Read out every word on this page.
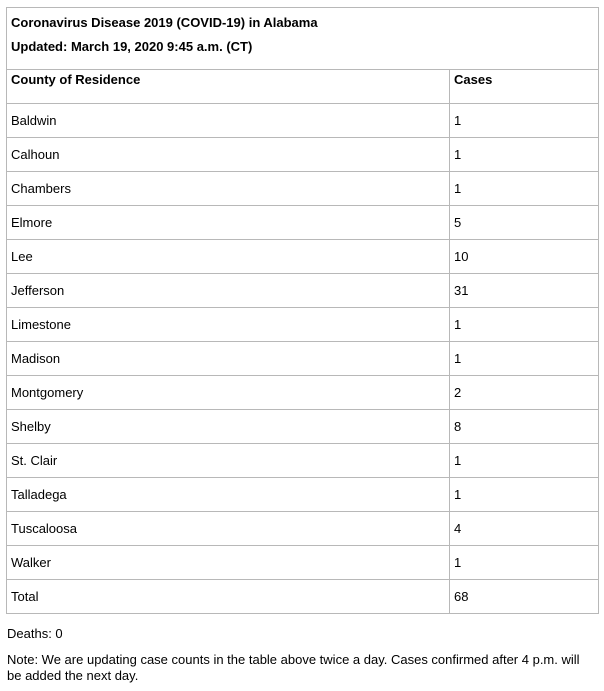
Coronavirus Disease 2019 (COVID-19) in Alabama
Updated: March 19, 2020 9:45 a.m. (CT)	

County of Residence	Cases
Baldwin	1
Calhoun	1
Chambers	1
Elmore	5
Lee	10
Jefferson	31
Limestone	1
Madison	1
Montgomery	2
Shelby	8
St. Clair	1
Talladega	1
Tuscaloosa	4
Walker	1
Total	68
Deaths: 0
Note: We are updating case counts in the table above twice a day. Cases confirmed after 4 p.m. will be added the next day.
